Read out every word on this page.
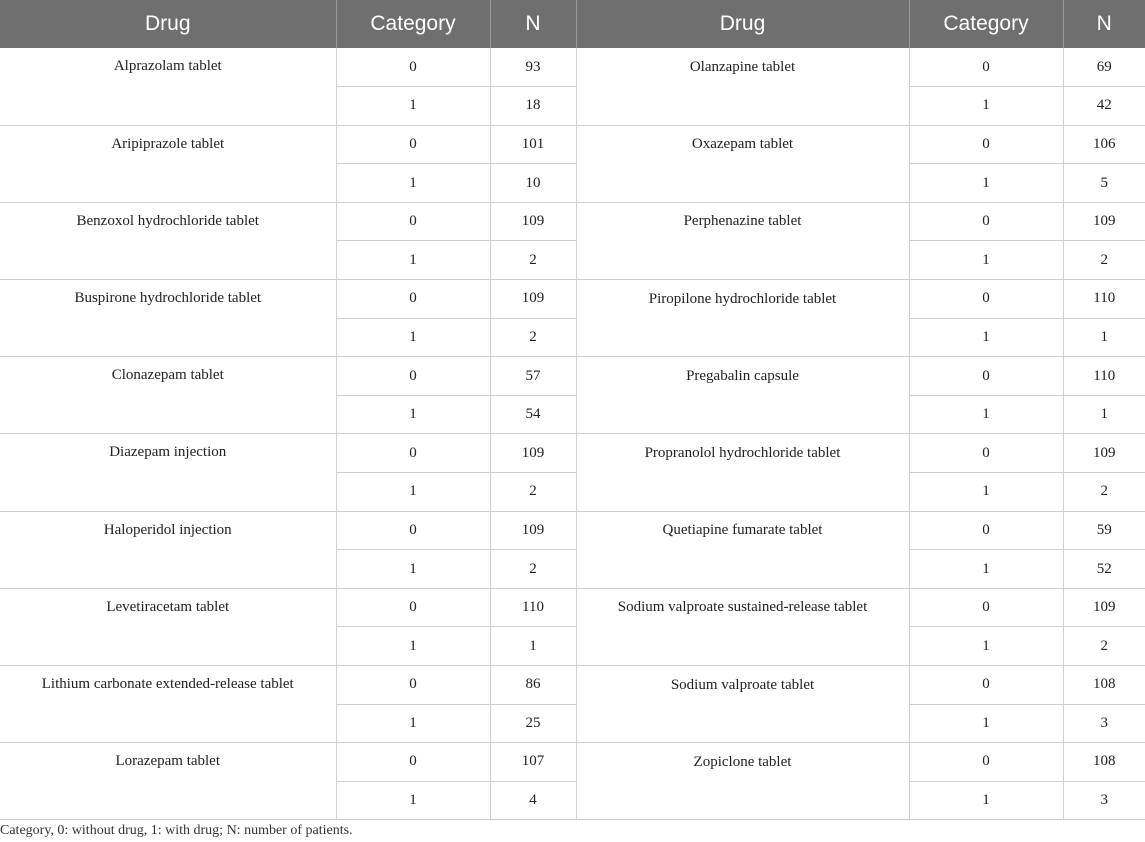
Drug	Category	N	Drug	Category	N
Alprazolam tablet	0	93	Olanzapine tablet	0	69
	1	18		1	42
Aripiprazole tablet	0	101	Oxazepam tablet	0	106
	1	10		1	5
Benzoxol hydrochloride tablet	0	109	Perphenazine tablet	0	109
	1	2		1	2
Buspirone hydrochloride tablet	0	109	Piropilone hydrochloride tablet	0	110
	1	2		1	1
Clonazepam tablet	0	57	Pregabalin capsule	0	110
	1	54		1	1
Diazepam injection	0	109	Propranolol hydrochloride tablet	0	109
	1	2		1	2
Haloperidol injection	0	109	Quetiapine fumarate tablet	0	59
	1	2		1	52
Levetiracetam tablet	0	110	Sodium valproate sustained-release tablet	0	109
	1	1		1	2
Lithium carbonate extended-release tablet	0	86	Sodium valproate tablet	0	108
	1	25		1	3
Lorazepam tablet	0	107	Zopiclone tablet	0	108
	1	4		1	3
Category, 0: without drug, 1: with drug; N: number of patients.
